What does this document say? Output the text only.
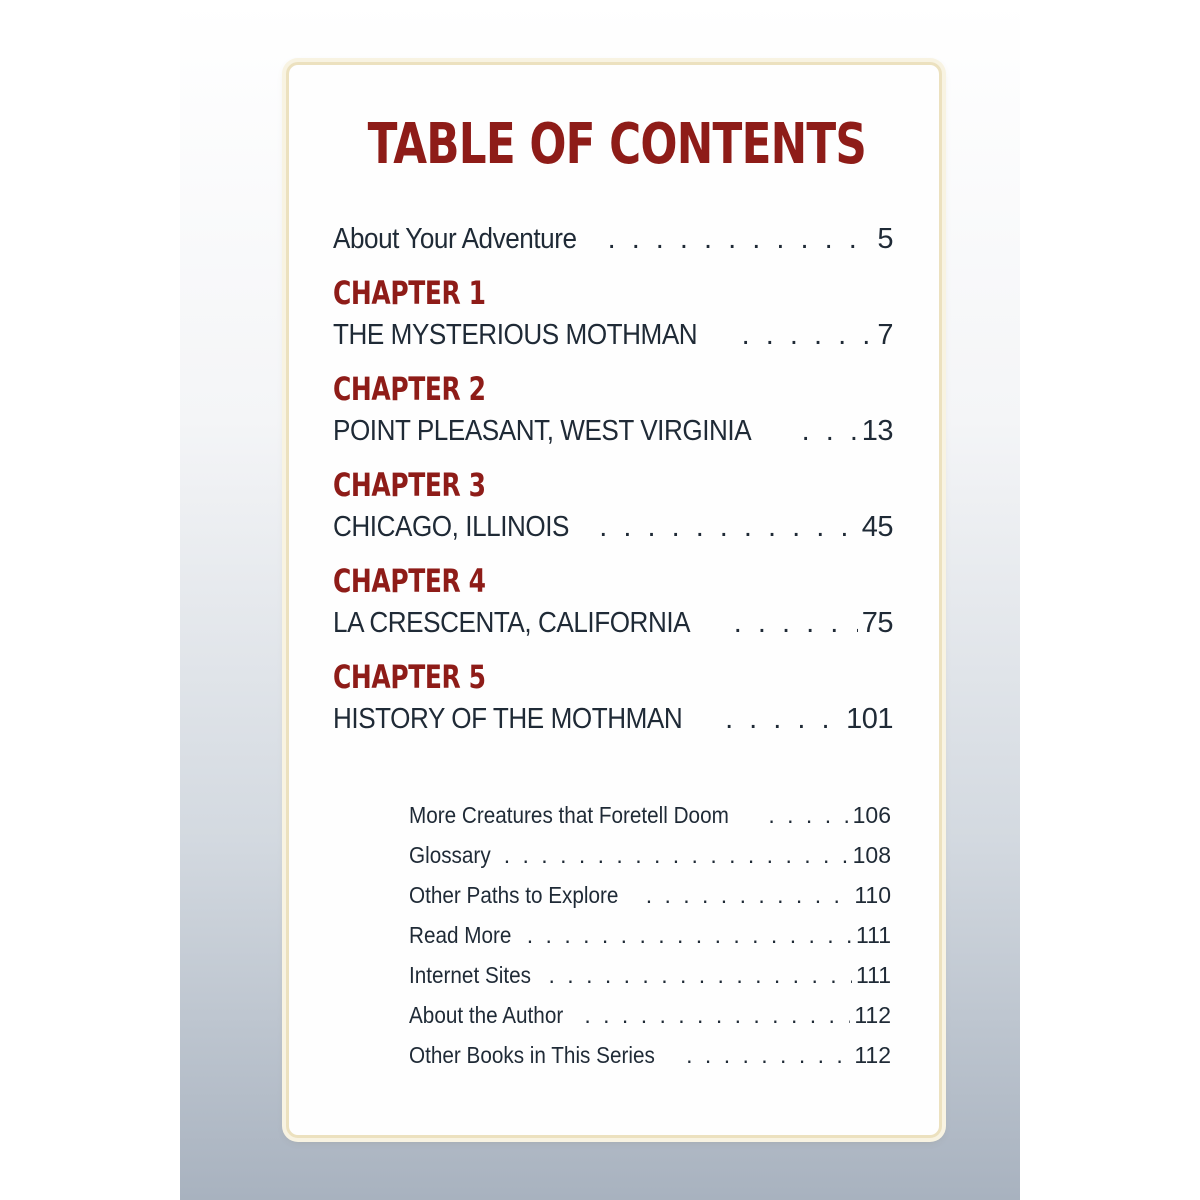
TABLE OF CONTENTS
About Your Adventure . . .	5
CHAPTER 1
THE MYSTERIOUS MOTHMAN . . .	7
CHAPTER 2
POINT PLEASANT, WEST VIRGINIA . . .	13
CHAPTER 3
CHICAGO, ILLINOIS . . .	45
CHAPTER 4
LA CRESCENTA, CALIFORNIA . . .	75
CHAPTER 5
HISTORY OF THE MOTHMAN . . .	101
More Creatures that Foretell Doom . . .	106
Glossary . . .	108
Other Paths to Explore . . .	110
Read More . . .	111
Internet Sites . . .	111
About the Author . . .	112
Other Books in This Series . . .	112
